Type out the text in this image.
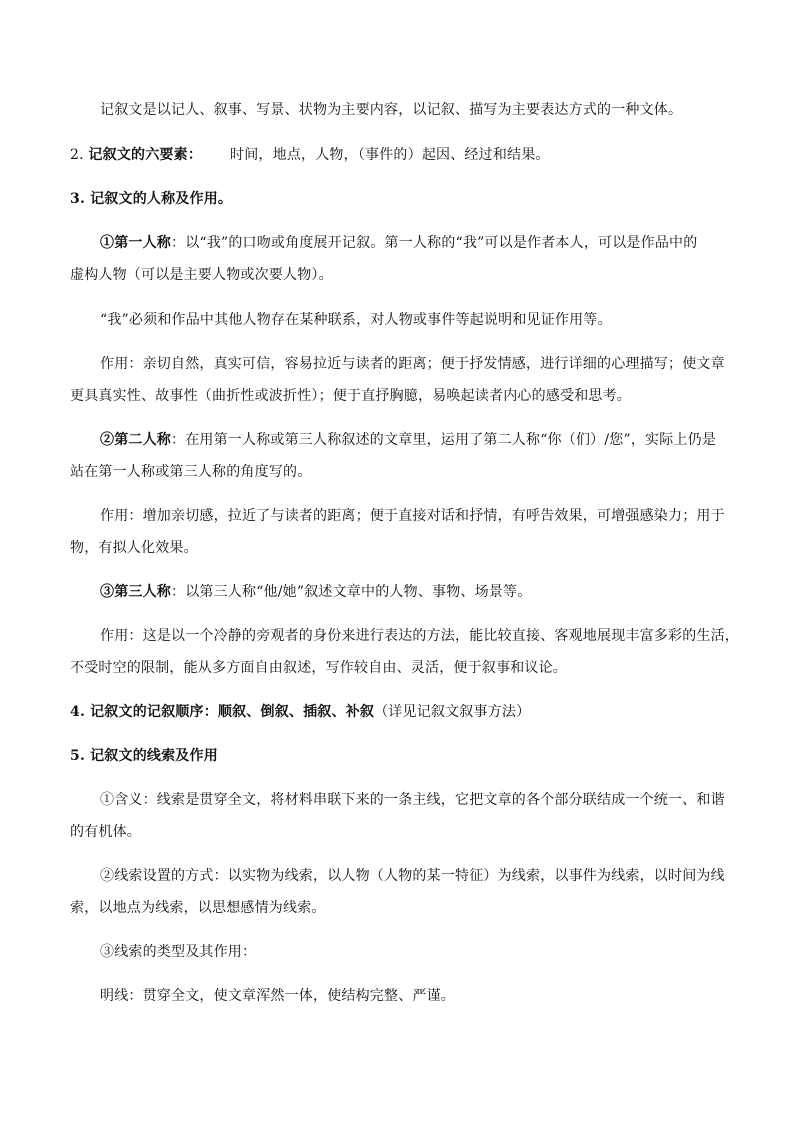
记叙文是以记人、叙事、写景、状物为主要内容，以记叙、描写为主要表达方式的一种文体。
2. 记叙文的六要素： 时间，地点，人物，（事件的）起因、经过和结果。
3. 记叙文的人称及作用。
①第一人称：以“我”的口吻或角度展开记叙。第一人称的“我”可以是作者本人，可以是作品中的
虚构人物（可以是主要人物或次要人物）。
“我”必须和作品中其他人物存在某种联系，对人物或事件等起说明和见证作用等。
作用：亲切自然，真实可信，容易拉近与读者的距离；便于抒发情感，进行详细的心理描写；使文章
更具真实性、故事性（曲折性或波折性）；便于直抒胸臆，易唤起读者内心的感受和思考。
②第二人称：在用第一人称或第三人称叙述的文章里，运用了第二人称“你（们）/您”，实际上仍是
站在第一人称或第三人称的角度写的。
作用：增加亲切感，拉近了与读者的距离；便于直接对话和抒情，有呼告效果，可增强感染力；用于
物，有拟人化效果。
③第三人称：以第三人称“他/她”叙述文章中的人物、事物、场景等。
作用：这是以一个冷静的旁观者的身份来进行表达的方法，能比较直接、客观地展现丰富多彩的生活，
不受时空的限制，能从多方面自由叙述，写作较自由、灵活，便于叙事和议论。
4. 记叙文的记叙顺序：顺叙、倒叙、插叙、补叙（详见记叙文叙事方法）
5. 记叙文的线索及作用
①含义：线索是贯穿全文，将材料串联下来的一条主线，它把文章的各个部分联结成一个统一、和谐
的有机体。
②线索设置的方式：以实物为线索，以人物（人物的某一特征）为线索，以事件为线索，以时间为线
索，以地点为线索，以思想感情为线索。
③线索的类型及其作用：
明线：贯穿全文，使文章浑然一体，使结构完整、严谨。
